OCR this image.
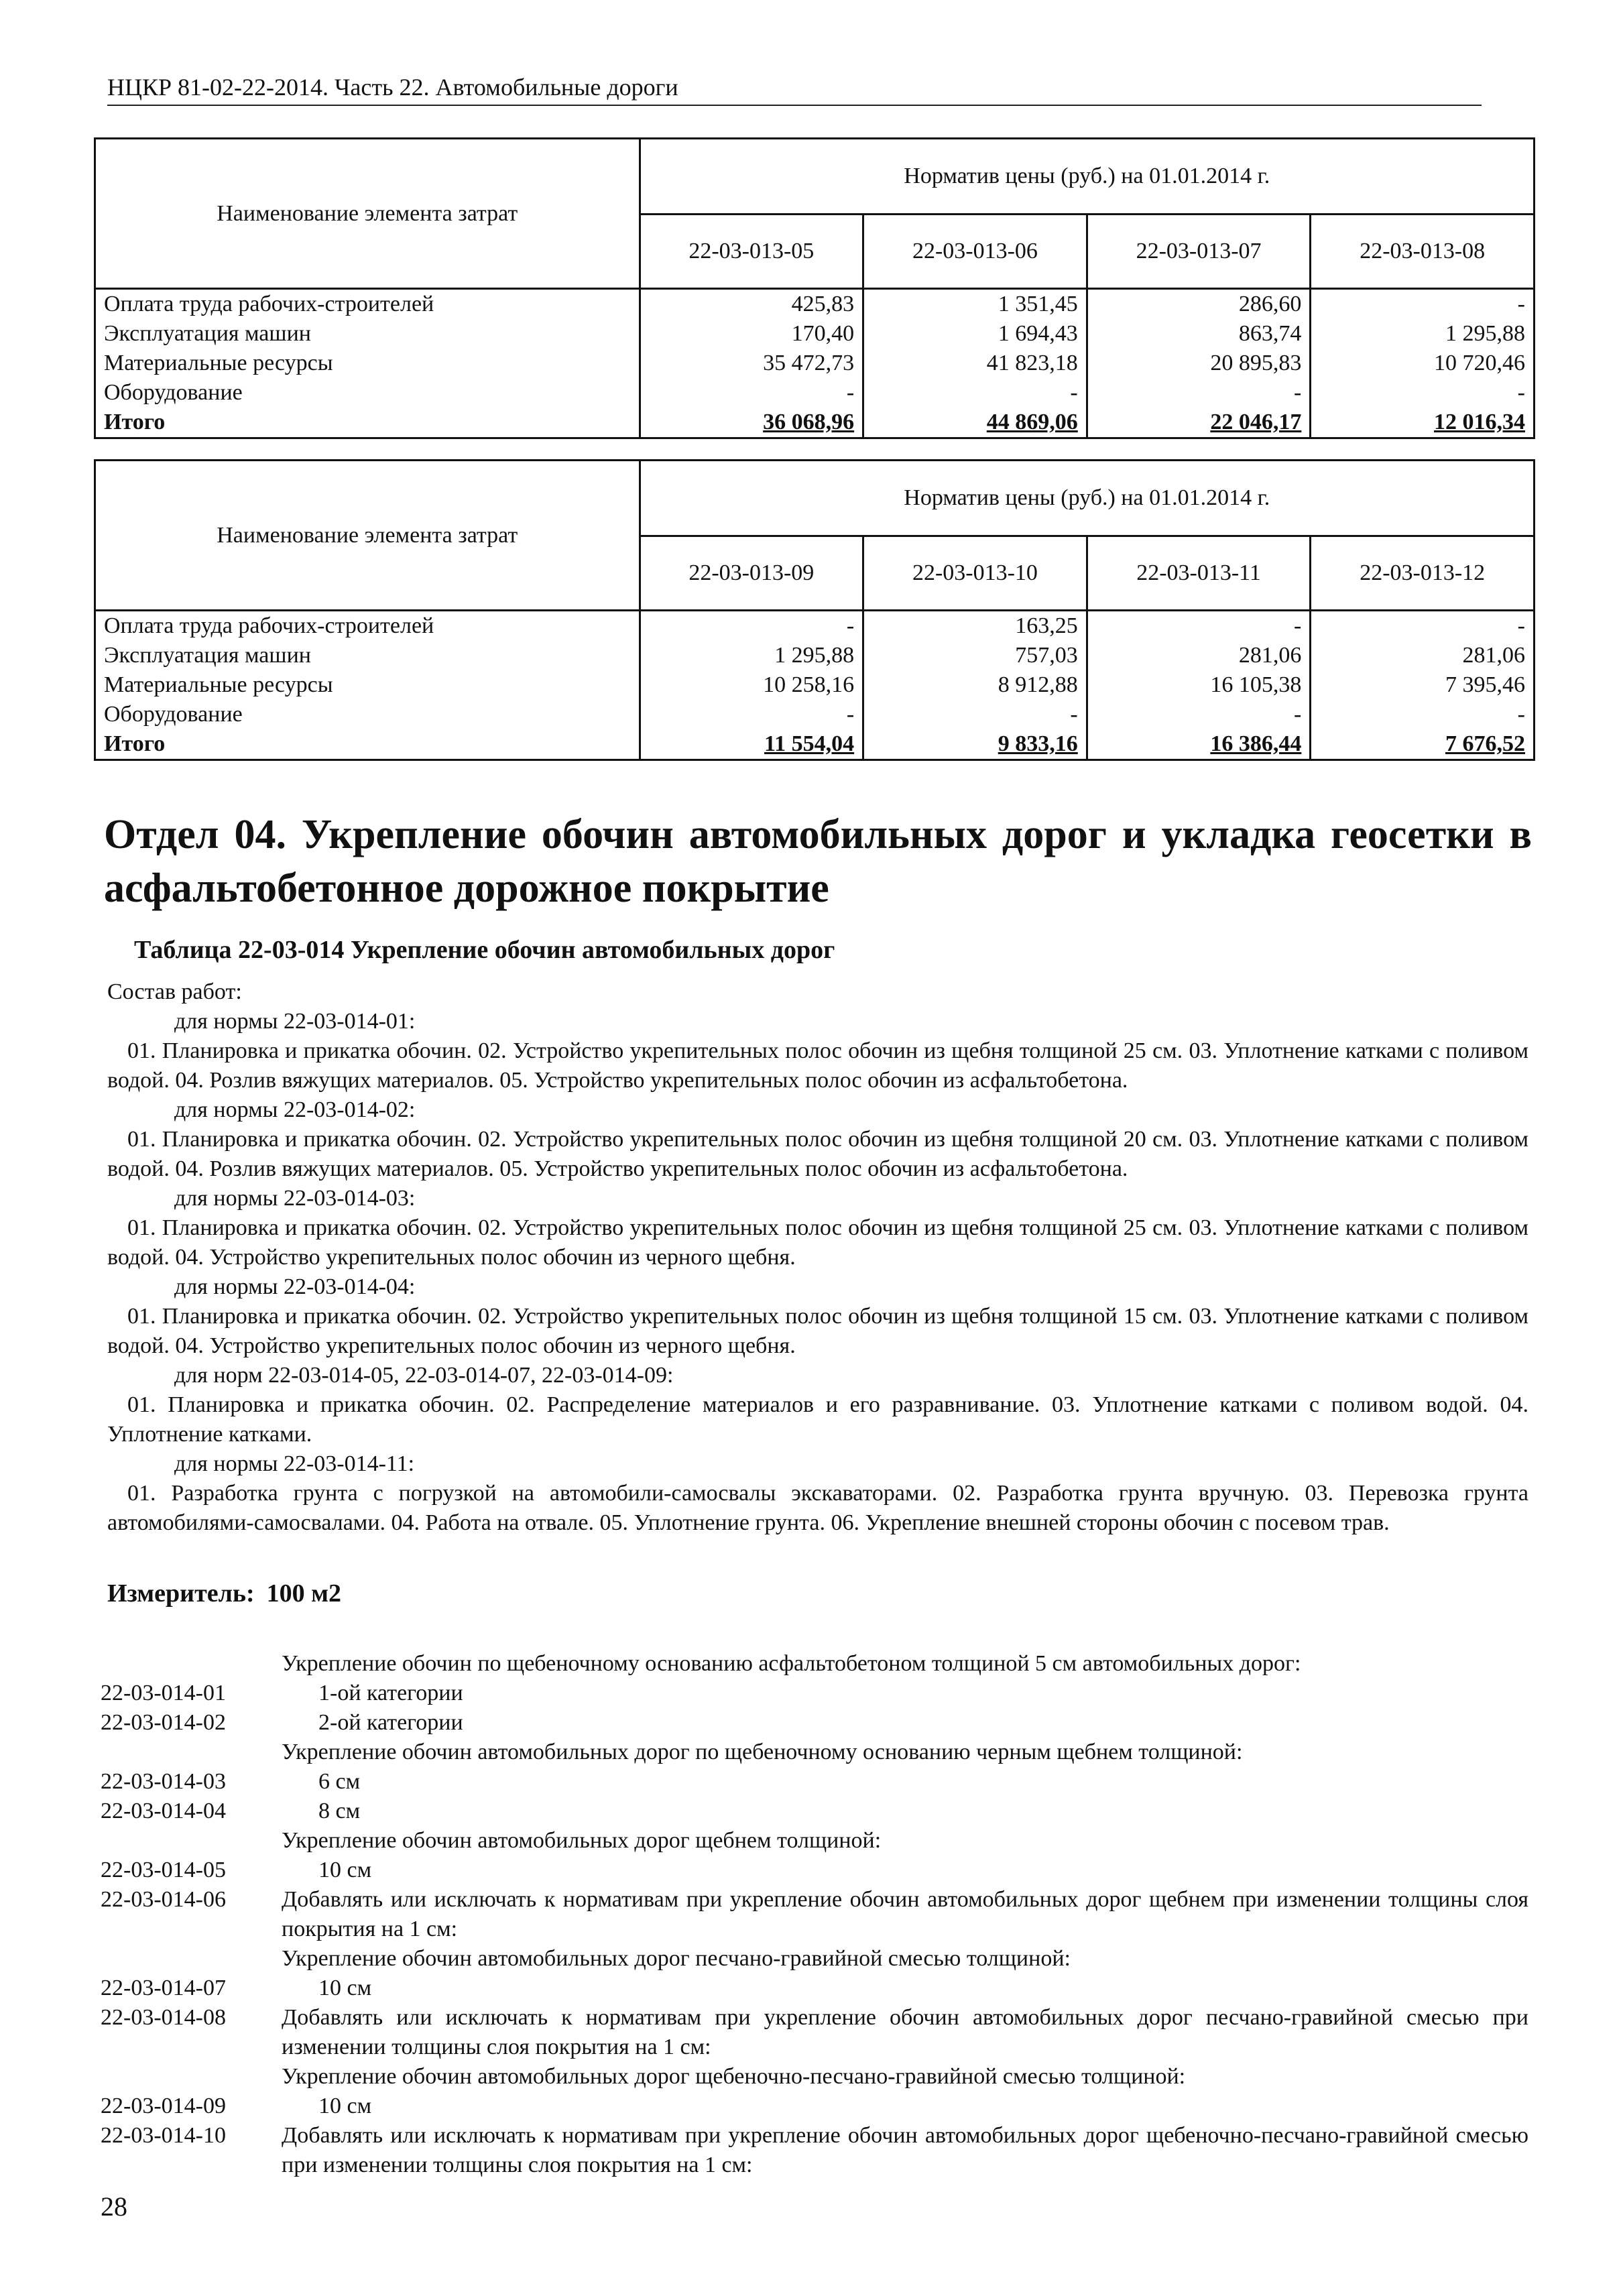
НЦКР 81-02-22-2014. Часть 22. Автомобильные дороги
Наименование элемента затрат	Норматив цены (руб.) на 01.01.2014 г.			
	22-03-013-05	22-03-013-06	22-03-013-07	22-03-013-08
Оплата труда рабочих-строителей	425,83	1 351,45	286,60	-
Эксплуатация машин	170,40	1 694,43	863,74	1 295,88
Материальные ресурсы	35 472,73	41 823,18	20 895,83	10 720,46
Оборудование	-	-	-	-
Итого	36 068,96	44 869,06	22 046,17	12 016,34
Наименование элемента затрат	Норматив цены (руб.) на 01.01.2014 г.			
	22-03-013-09	22-03-013-10	22-03-013-11	22-03-013-12
Оплата труда рабочих-строителей	-	163,25	-	-
Эксплуатация машин	1 295,88	757,03	281,06	281,06
Материальные ресурсы	10 258,16	8 912,88	16 105,38	7 395,46
Оборудование	-	-	-	-
Итого	11 554,04	9 833,16	16 386,44	7 676,52
Отдел 04. Укрепление обочин автомобильных дорог и укладка геосетки в асфальтобетонное дорожное покрытие
Таблица 22-03-014 Укрепление обочин автомобильных дорог
Состав работ:
для нормы 22-03-014-01:
01. Планировка и прикатка обочин. 02. Устройство укрепительных полос обочин из щебня толщиной 25 см. 03. Уплотнение катками с поливом водой. 04. Розлив вяжущих материалов. 05. Устройство укрепительных полос обочин из асфальтобетона.
для нормы 22-03-014-02:
01. Планировка и прикатка обочин. 02. Устройство укрепительных полос обочин из щебня толщиной 20 см. 03. Уплотнение катками с поливом водой. 04. Розлив вяжущих материалов. 05. Устройство укрепительных полос обочин из асфальтобетона.
для нормы 22-03-014-03:
01. Планировка и прикатка обочин. 02. Устройство укрепительных полос обочин из щебня толщиной 25 см. 03. Уплотнение катками с поливом водой. 04. Устройство укрепительных полос обочин из черного щебня.
для нормы 22-03-014-04:
01. Планировка и прикатка обочин. 02. Устройство укрепительных полос обочин из щебня толщиной 15 см. 03. Уплотнение катками с поливом водой. 04. Устройство укрепительных полос обочин из черного щебня.
для норм 22-03-014-05, 22-03-014-07, 22-03-014-09:
01. Планировка и прикатка обочин. 02. Распределение материалов и его разравнивание. 03. Уплотнение катками с поливом водой. 04. Уплотнение катками.
для нормы 22-03-014-11:
01. Разработка грунта с погрузкой на автомобили-самосвалы экскаваторами. 02. Разработка грунта вручную. 03. Перевозка грунта автомобилями-самосвалами. 04. Работа на отвале. 05. Уплотнение грунта. 06. Укрепление внешней стороны обочин с посевом трав.
Измеритель: 100 м2
Укрепление обочин по щебеночному основанию асфальтобетоном толщиной 5 см автомобильных дорог:
22-03-014-01	1-ой категории
22-03-014-02	2-ой категории
Укрепление обочин автомобильных дорог по щебеночному основанию черным щебнем толщиной:
22-03-014-03	6 см
22-03-014-04	8 см
Укрепление обочин автомобильных дорог щебнем толщиной:
22-03-014-05	10 см
22-03-014-06	Добавлять или исключать к нормативам при укрепление обочин автомобильных дорог щебнем при изменении толщины слоя покрытия на 1 см:
Укрепление обочин автомобильных дорог песчано-гравийной смесью толщиной:
22-03-014-07	10 см
22-03-014-08	Добавлять или исключать к нормативам при укрепление обочин автомобильных дорог песчано-гравийной смесью при изменении толщины слоя покрытия на 1 см:
Укрепление обочин автомобильных дорог щебеночно-песчано-гравийной смесью толщиной:
22-03-014-09	10 см
22-03-014-10	Добавлять или исключать к нормативам при укрепление обочин автомобильных дорог щебеночно-песчано-гравийной смесью при изменении толщины слоя покрытия на 1 см:
28
